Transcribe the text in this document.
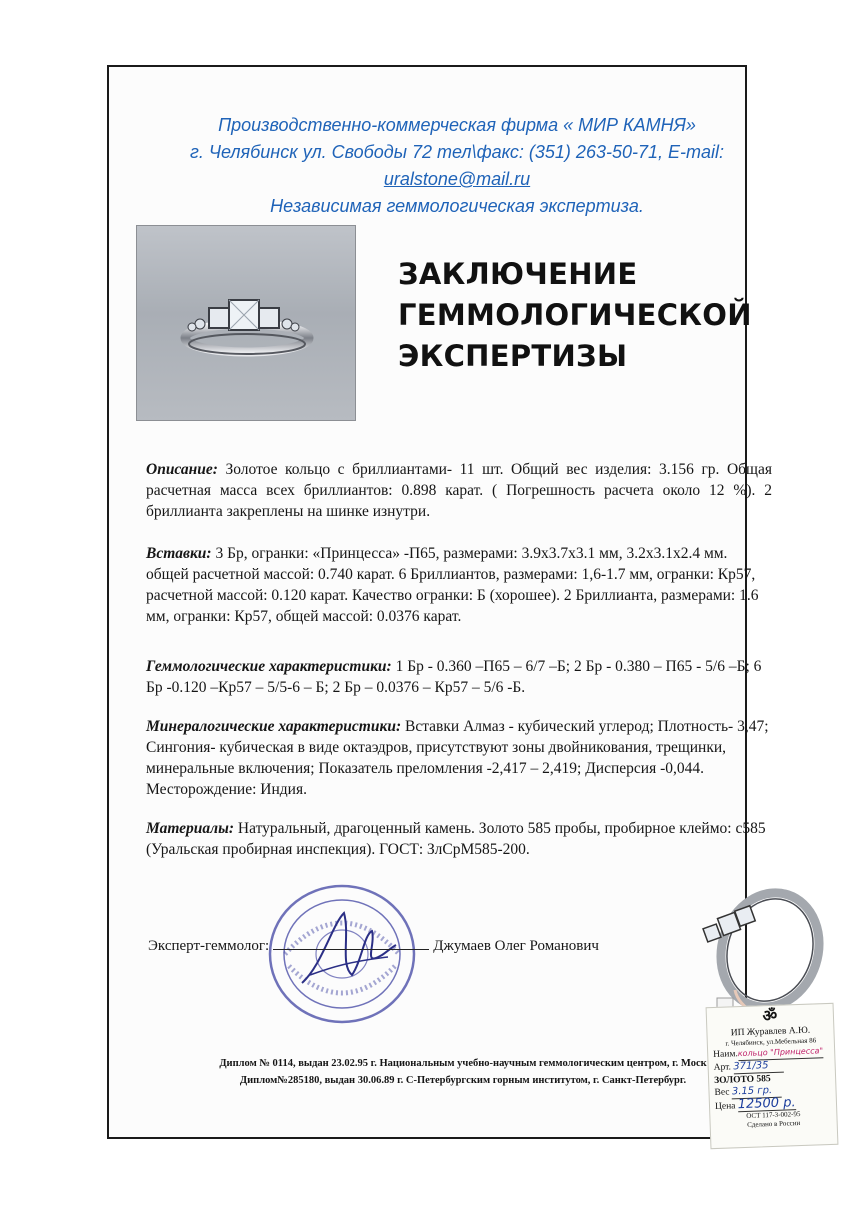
Производственно-коммерческая фирма « МИР КАМНЯ»
г. Челябинск ул. Свободы 72 тел\факс: (351) 263-50-71, E-mail:
uralstone@mail.ru
Независимая геммологическая экспертиза.
ЗАКЛЮЧЕНИЕ
ГЕММОЛОГИЧЕСКОЙ
ЭКСПЕРТИЗЫ
Описание: Золотое кольцо с бриллиантами- 11 шт. Общий вес изделия: 3.156 гр. Общая расчетная масса всех бриллиантов: 0.898 карат. ( Погрешность расчета около 12 %). 2 бриллианта закреплены на шинке изнутри.
Вставки: 3 Бр, огранки: «Принцесса» -П65, размерами: 3.9х3.7х3.1 мм, 3.2х3.1х2.4 мм. общей расчетной массой: 0.740 карат. 6 Бриллиантов, размерами: 1,6-1.7 мм, огранки: Кр57, расчетной массой: 0.120 карат. Качество огранки: Б (хорошее). 2 Бриллианта, размерами: 1.6 мм, огранки: Кр57, общей массой: 0.0376 карат.
Геммологические характеристики: 1 Бр - 0.360 –П65 – 6/7 –Б; 2 Бр - 0.380 – П65 - 5/6 –Б; 6 Бр -0.120 –Кр57 – 5/5-6 – Б; 2 Бр – 0.0376 – Кр57 – 5/6 -Б.
Минералогические характеристики: Вставки Алмаз - кубический углерод; Плотность- 3,47; Сингония- кубическая в виде октаэдров, присутствуют зоны двойникования, трещинки, минеральные включения; Показатель преломления -2,417 – 2,419; Дисперсия -0,044. Месторождение: Индия.
Материалы: Натуральный, драгоценный камень. Золото 585 пробы, пробирное клеймо: с585 (Уральская пробирная инспекция). ГОСТ: ЗлСрМ585-200.
Эксперт-геммолог:	Джумаев Олег Романович
Диплом № 0114, выдан 23.02.95 г. Национальным учебно-научным геммологическим центром, г. Моск
Диплом№285180, выдан 30.06.89 г. С-Петербургским горным институтом, г. Санкт-Петербург.
ॐ
ИП Журавлев А.Ю.
г. Челябинск, ул.Мебельная 86
Наим.кольцо "Принцесса"
Арт. 371/35
ЗОЛОТО 585
Вес 3.15 гр.
Цена 12500 р.
ОСТ 117-3-002-95
Сделано в России
